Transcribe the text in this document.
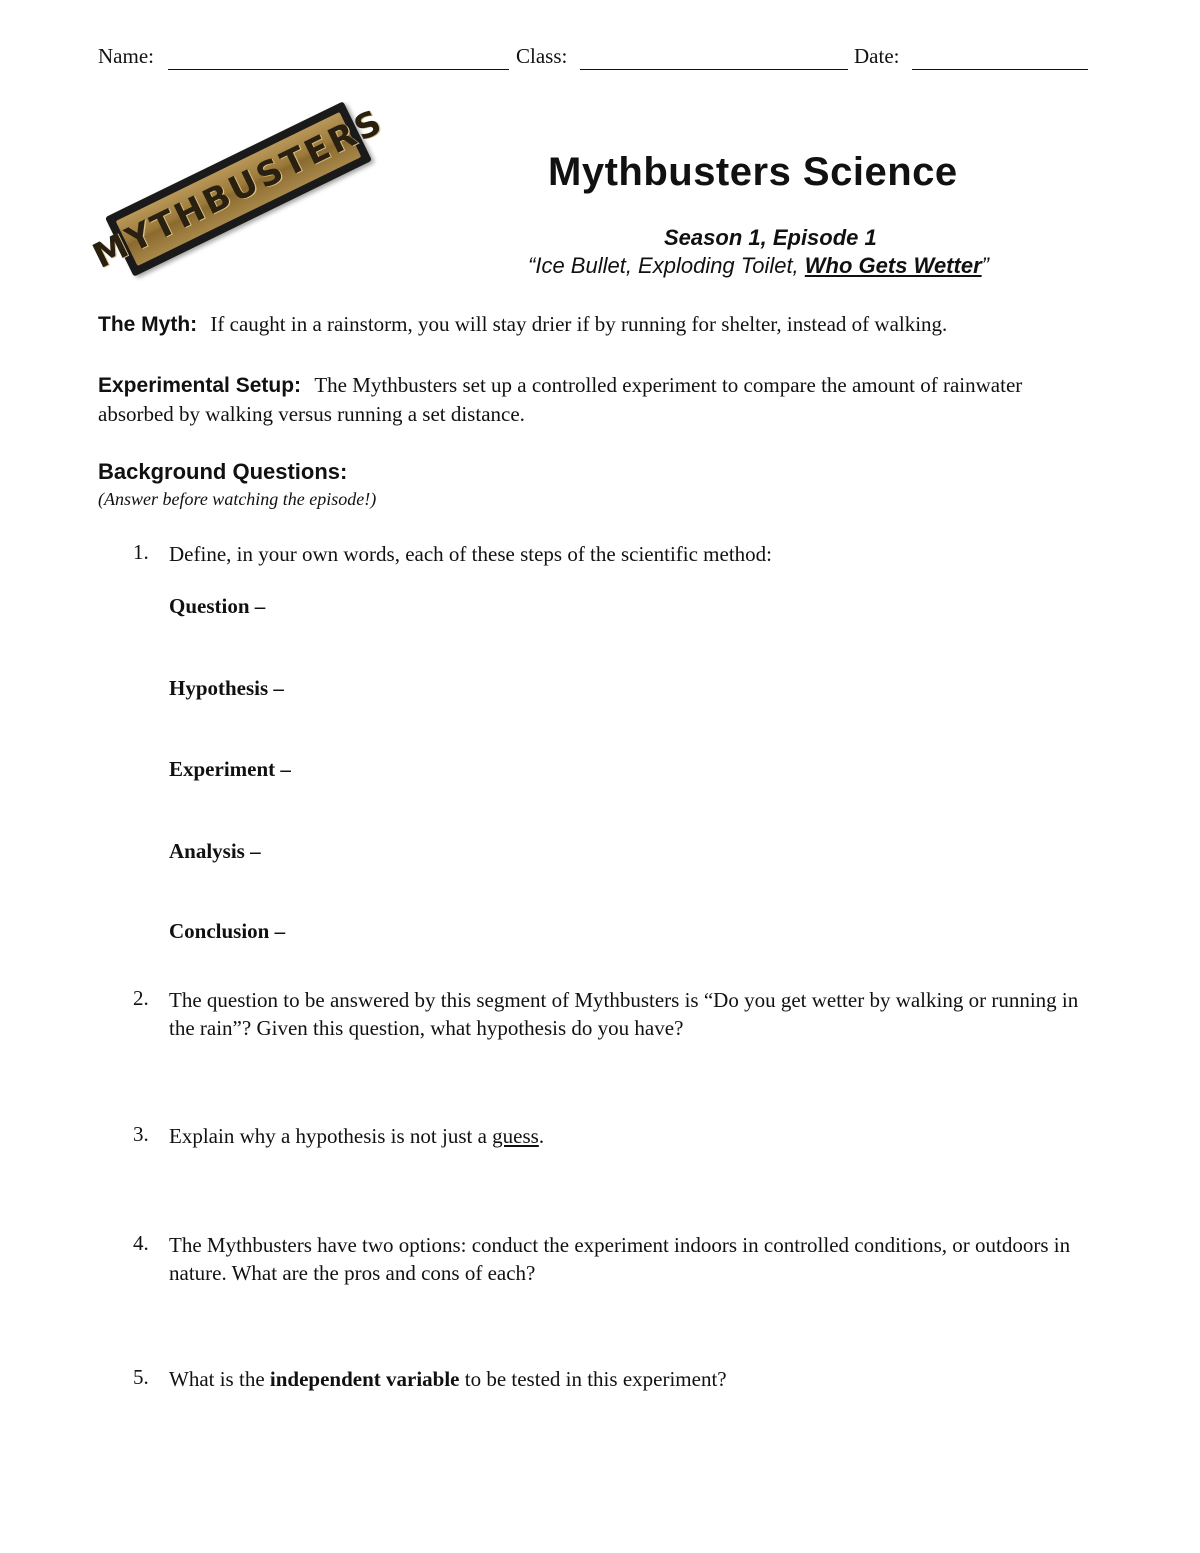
Name:	Class:	Date:
MYTHBUSTERS	Mythbusters Science
Season 1, Episode 1
“Ice Bullet, Exploding Toilet, Who Gets Wetter”
The Myth: If caught in a rainstorm, you will stay drier if by running for shelter, instead of walking.
Experimental Setup: The Mythbusters set up a controlled experiment to compare the amount of rainwater absorbed by walking versus running a set distance.
Background Questions:
(Answer before watching the episode!)
1. Define, in your own words, each of these steps of the scientific method:
Question –
Hypothesis –
Experiment –
Analysis –
Conclusion –
2. The question to be answered by this segment of Mythbusters is “Do you get wetter by walking or running in the rain”? Given this question, what hypothesis do you have?
3. Explain why a hypothesis is not just a guess.
4. The Mythbusters have two options: conduct the experiment indoors in controlled conditions, or outdoors in nature. What are the pros and cons of each?
5. What is the independent variable to be tested in this experiment?
